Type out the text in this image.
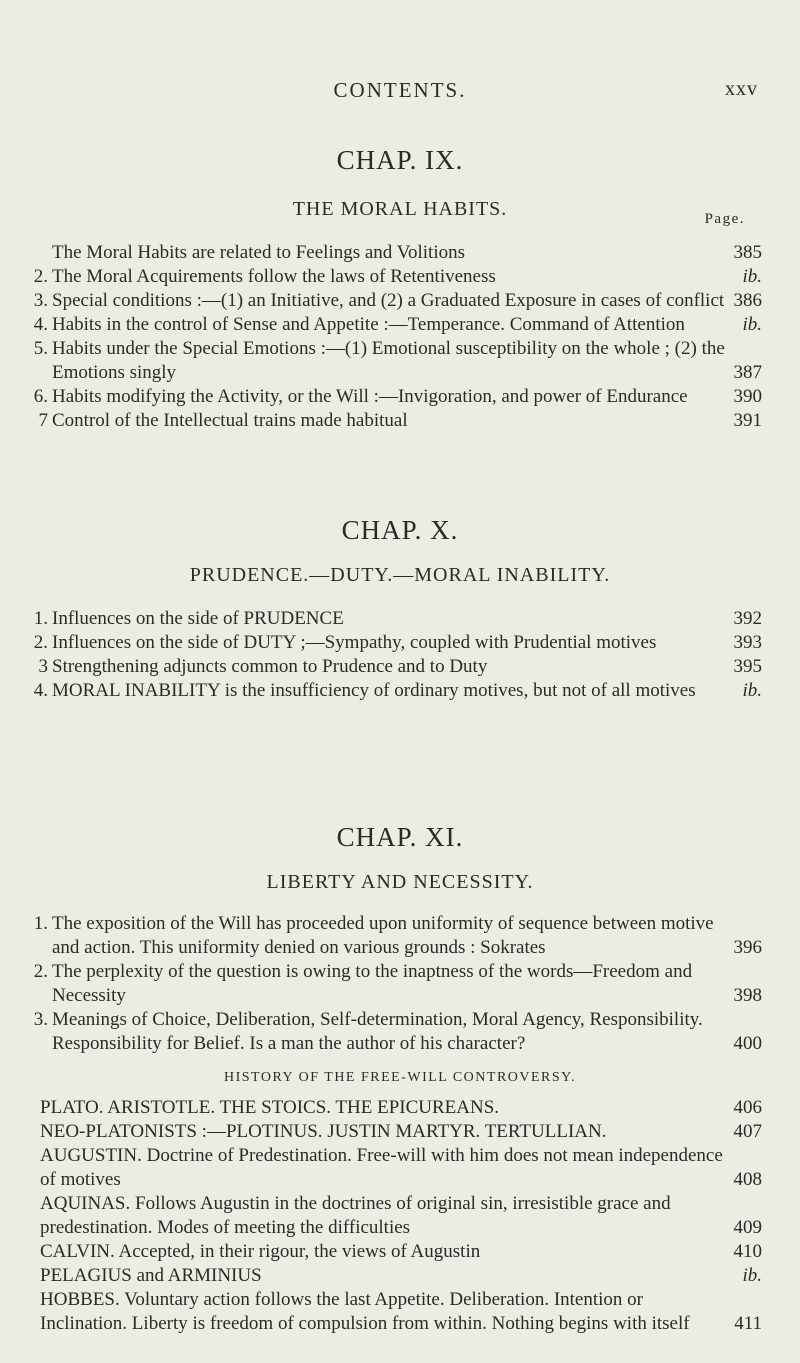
CONTENTS.	xxv
CHAP. IX.
THE MORAL HABITS.	Page.
The Moral Habits are related to Feelings and Volitions	385
2. The Moral Acquirements follow the laws of Retentiveness	ib.
3. Special conditions :—(1) an Initiative, and (2) a Graduated Exposure in cases of conflict 386
4. Habits in the control of Sense and Appetite :—Temperance. Command of Attention	ib.
5. Habits under the Special Emotions :—(1) Emotional susceptibility on the whole ; (2) the Emotions singly	387
6. Habits modifying the Activity, or the Will :—Invigoration, and power of Endurance	390
7 Control of the Intellectual trains made habitual	391
CHAP. X.
PRUDENCE.—DUTY.—MORAL INABILITY.
1. Influences on the side of PRUDENCE	392
2. Influences on the side of DUTY ;—Sympathy, coupled with Prudential motives	393
3 Strengthening adjuncts common to Prudence and to Duty	395
4. MORAL INABILITY is the insufficiency of ordinary motives, but not of all motives	ib.
CHAP. XI.
LIBERTY AND NECESSITY.
1. The exposition of the Will has proceeded upon uniformity of sequence between motive and action. This uniformity denied on various grounds : Sokrates	396
2. The perplexity of the question is owing to the inaptness of the words—Freedom and Necessity	398
3. Meanings of Choice, Deliberation, Self-determination, Moral Agency, Responsibility. Responsibility for Belief. Is a man the author of his character?	400
HISTORY OF THE FREE-WILL CONTROVERSY.
PLATO. ARISTOTLE. THE STOICS. THE EPICUREANS.	406
NEO-PLATONISTS :—PLOTINUS. JUSTIN MARTYR. TERTULLIAN.	407
AUGUSTIN. Doctrine of Predestination. Free-will with him does not mean independence of motives	408
AQUINAS. Follows Augustin in the doctrines of original sin, irresistible grace and predestination. Modes of meeting the difficulties	409
CALVIN. Accepted, in their rigour, the views of Augustin	410
PELAGIUS and ARMINIUS	ib.
HOBBES. Voluntary action follows the last Appetite. Deliberation. Intention or Inclination. Liberty is freedom of compulsion from within. Nothing begins with itself	411
